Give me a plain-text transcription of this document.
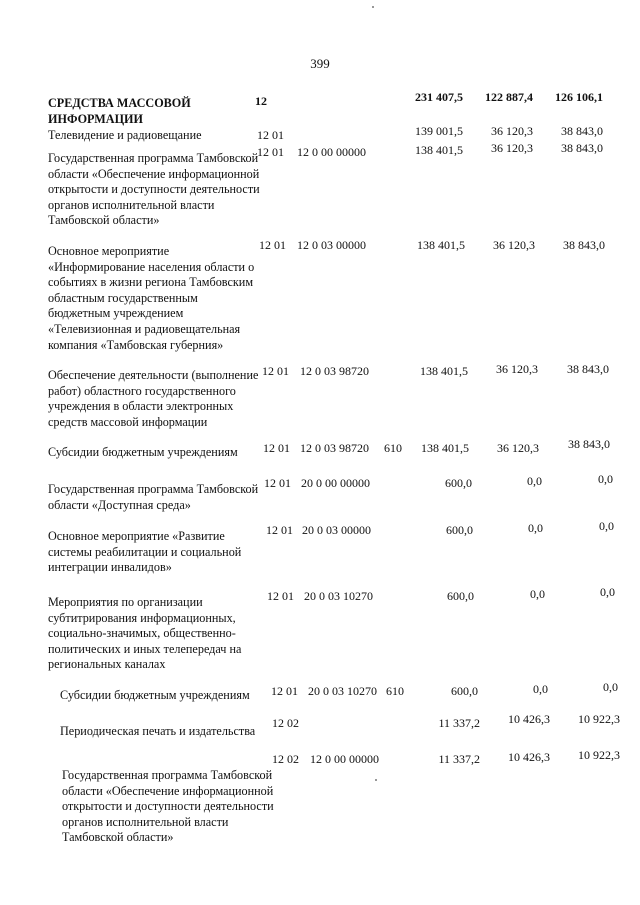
399
СРЕДСТВА МАССОВОЙ ИНФОРМАЦИИ
12	231 407,5	122 887,4	126 106,1
Телевидение и радиовещание	12 01	139 001,5	36 120,3	38 843,0
Государственная программа Тамбовской области «Обеспечение информационной открытости и доступности деятельности органов исполнительной власти Тамбовской области»
12 01 12 0 00 00000	138 401,5	36 120,3	38 843,0
Основное мероприятие «Информирование населения области о событиях в жизни региона Тамбовским областным государственным бюджетным учреждением «Телевизионная и радиовещательная компания «Тамбовская губерния»
12 01 12 0 03 00000	138 401,5	36 120,3	38 843,0
Обеспечение деятельности (выполнение работ) областного государственного учреждения в области электронных средств массовой информации
12 01 12 0 03 98720	138 401,5	36 120,3	38 843,0
Субсидии бюджетным учреждениям	12 01 12 0 03 98720 610	138 401,5	36 120,3	38 843,0
Государственная программа Тамбовской области «Доступная среда»
12 01 20 0 00 00000	600,0	0,0	0,0
Основное мероприятие «Развитие системы реабилитации и социальной интеграции инвалидов»
12 01 20 0 03 00000	600,0	0,0	0,0
Мероприятия по организации субтитрирования информационных, социально-значимых, общественно-политических и иных телепередач на региональных каналах
12 01 20 0 03 10270	600,0	0,0	0,0
Субсидии бюджетным учреждениям	12 01 20 0 03 10270 610	600,0	0,0	0,0
Периодическая печать и издательства
12 02	11 337,2	10 426,3	10 922,3
Государственная программа Тамбовской области «Обеспечение информационной открытости и доступности деятельности органов исполнительной власти Тамбовской области»
12 02 12 0 00 00000	11 337,2	10 426,3	10 922,3
